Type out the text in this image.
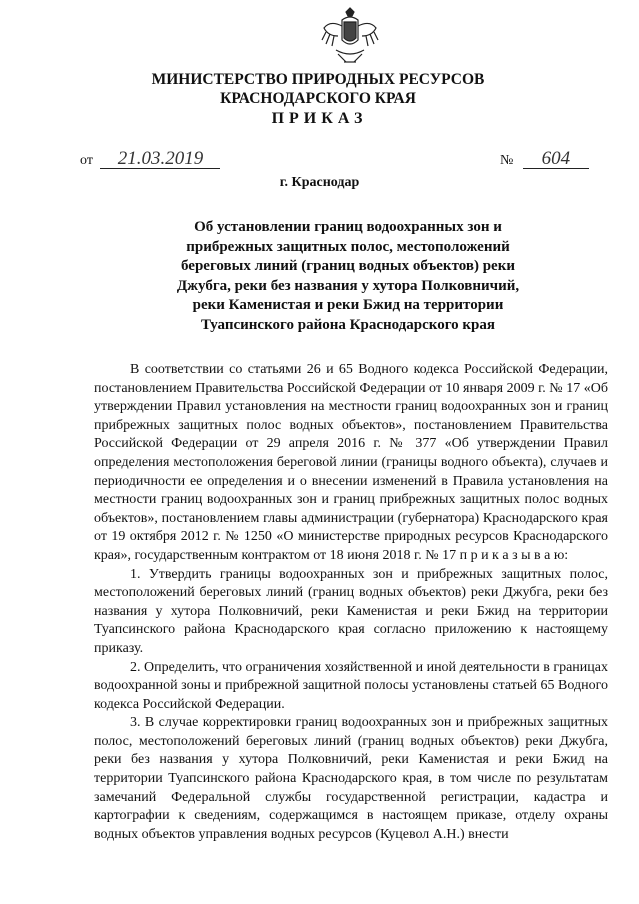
МИНИСТЕРСТВО ПРИРОДНЫХ РЕСУРСОВ
КРАСНОДАРСКОГО КРАЯ
ПРИКАЗ
от 21.03.2019	№ 604
г. Краснодар
Об установлении границ водоохранных зон и
прибрежных защитных полос, местоположений
береговых линий (границ водных объектов) реки
Джубга, реки без названия у хутора Полковничий,
реки Каменистая и реки Бжид на территории
Туапсинского района Краснодарского края

В соответствии со статьями 26 и 65 Водного кодекса Российской Федерации, постановлением Правительства Российской Федерации от 10 января 2009 г. № 17 «Об утверждении Правил установления на местности границ водоохранных зон и границ прибрежных защитных полос водных объектов», постановлением Правительства Российской Федерации от 29 апреля 2016 г. № 377 «Об утверждении Правил определения местоположения береговой линии (границы водного объекта), случаев и периодичности ее определения и о внесении изменений в Правила установления на местности границ водоохранных зон и границ прибрежных защитных полос водных объектов», постановлением главы администрации (губернатора) Краснодарского края от 19 октября 2012 г. № 1250 «О министерстве природных ресурсов Краснодарского края», государственным контрактом от 18 июня 2018 г. № 17 п р и к а з ы в а ю:

1. Утвердить границы водоохранных зон и прибрежных защитных полос, местоположений береговых линий (границ водных объектов) реки Джубга, реки без названия у хутора Полковничий, реки Каменистая и реки Бжид на территории Туапсинского района Краснодарского края согласно приложению к настоящему приказу.

2. Определить, что ограничения хозяйственной и иной деятельности в границах водоохранной зоны и прибрежной защитной полосы установлены статьей 65 Водного кодекса Российской Федерации.

3. В случае корректировки границ водоохранных зон и прибрежных защитных полос, местоположений береговых линий (границ водных объектов) реки Джубга, реки без названия у хутора Полковничий, реки Каменистая и реки Бжид на территории Туапсинского района Краснодарского края, в том числе по результатам замечаний Федеральной службы государственной регистрации, кадастра и картографии к сведениям, содержащимся в настоящем приказе, отделу охраны водных объектов управления водных ресурсов (Куцевол А.Н.) внести
